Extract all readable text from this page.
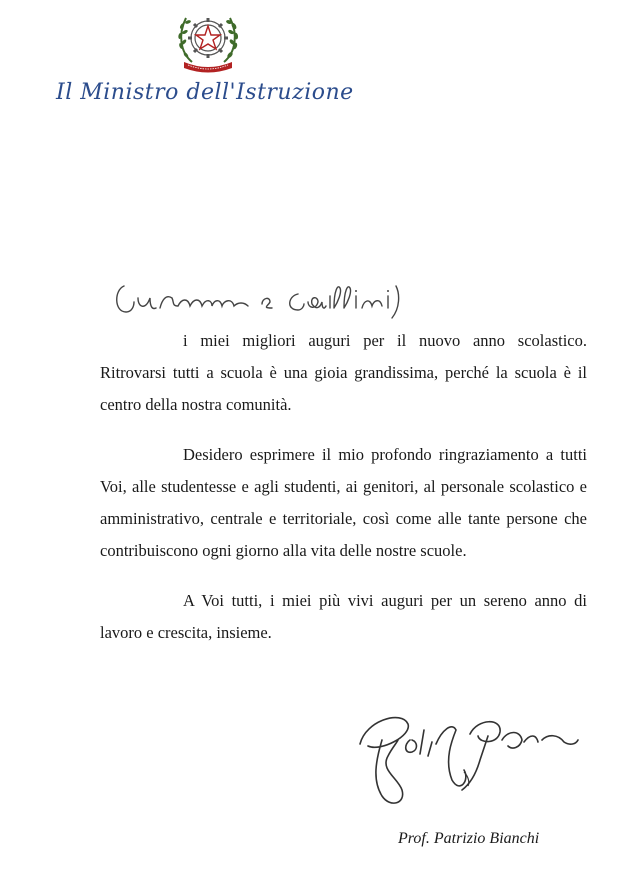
Il Ministro dell'Istruzione

i miei migliori auguri per il nuovo anno scolastico. Ritrovarsi tutti a scuola è una gioia grandissima, perché la scuola è il centro della nostra comunità.

Desidero esprimere il mio profondo ringraziamento a tutti Voi, alle studentesse e agli studenti, ai genitori, al personale scolastico e amministrativo, centrale e territoriale, così come alle tante persone che contribuiscono ogni giorno alla vita delle nostre scuole.

A Voi tutti, i miei più vivi auguri per un sereno anno di lavoro e crescita, insieme.

Prof. Patrizio Bianchi
